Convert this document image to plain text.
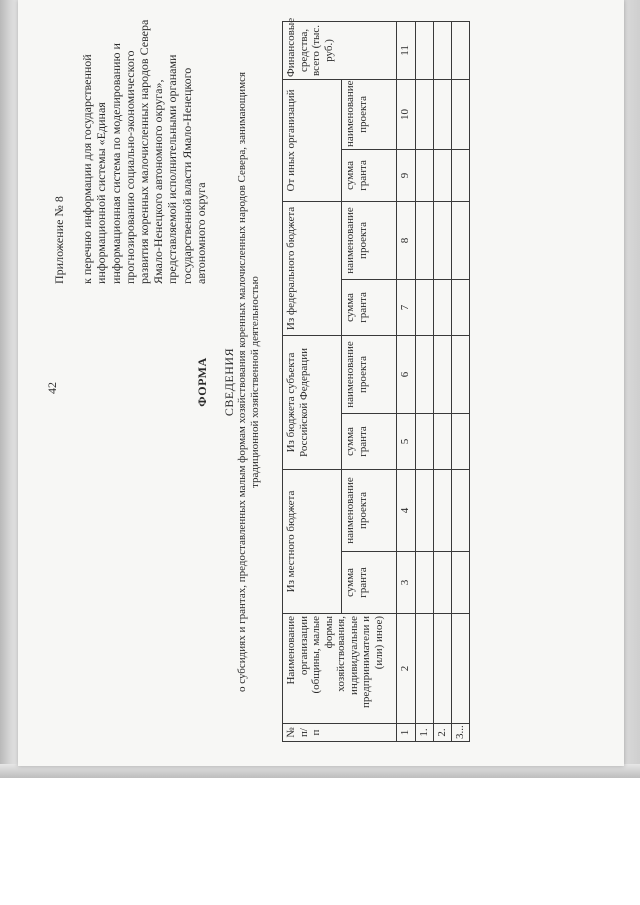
42

Приложение № 8 к перечню информации для государственной информационной системы «Единая информационная система по моделированию и прогнозированию социально-экономического развития коренных малочисленных народов Севера Ямало-Ненецкого автономного округа», представляемой исполнительными органами государственной власти Ямало-Ненецкого автономного округа

ФОРМА СВЕДЕНИЯ о субсидиях и грантах, предоставленных малым формам хозяйствования коренных малочисленных народов Севера, занимающимся традиционной хозяйственной деятельностью
№ п/п	Наименование организации (общины, малые формы хозяйствования, индивидуальные предприниматели и (или) иное)	Из местного бюджета		Из бюджета субъекта Российской Федерации		Из федерального бюджета		От иных организаций		Финансовые средства, всего (тыс. руб.)
		сумма гранта	наименование проекта	сумма гранта	наименование проекта	сумма гранта	наименование проекта	сумма гранта	наименование проекта	
1	2	3	4	5	6	7	8	9	10	11
1.										
2.										
3...										
